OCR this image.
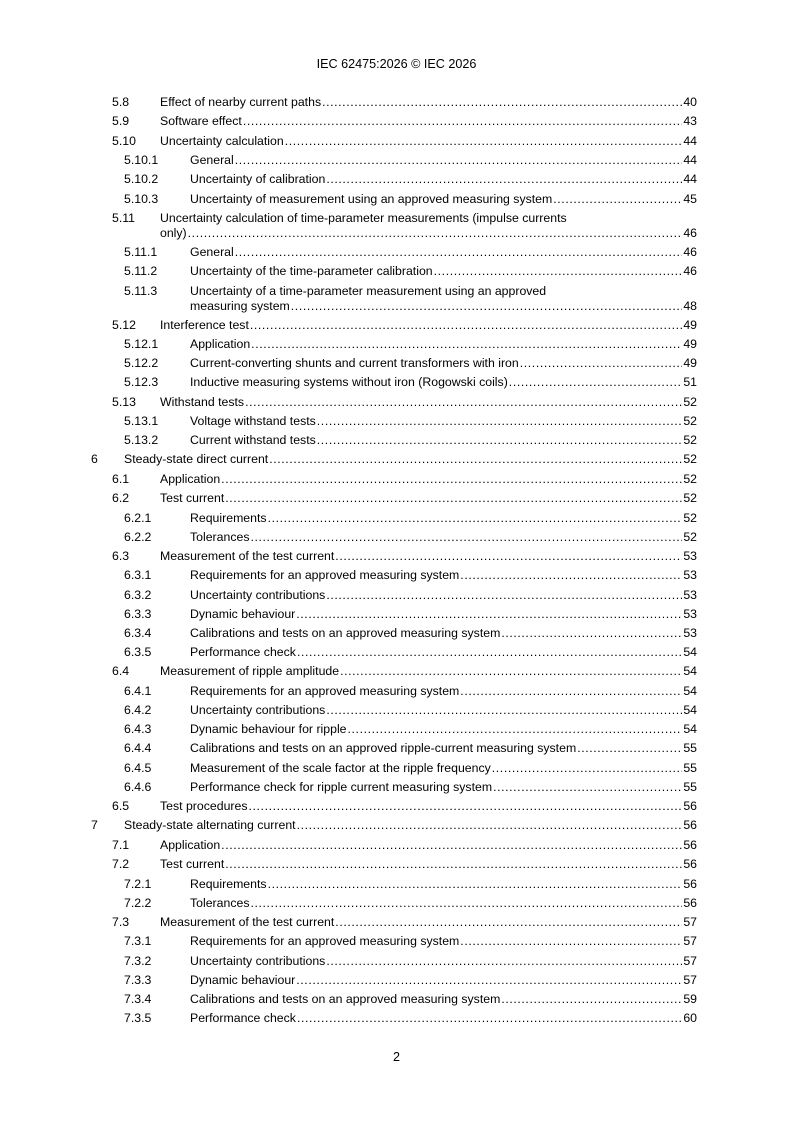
IEC 62475:2026 © IEC 2026
5.8	Effect of nearby current paths .....	40
5.9	Software effect .....	43
5.10 Uncertainty calculation .....	44
5.10.1	General .....	44
5.10.2	Uncertainty of calibration .....	44
5.10.3	Uncertainty of measurement using an approved measuring system .....	45
5.11 Uncertainty calculation of time-parameter measurements (impulse currents
only) .....	46
5.11.1	General .....	46
5.11.2	Uncertainty of the time-parameter calibration .....	46
5.11.3	Uncertainty of a time-parameter measurement using an approved
measuring system .....	48
5.12 Interference test .....	49
5.12.1	Application .....	49
5.12.2	Current-converting shunts and current transformers with iron .....	49
5.12.3	Inductive measuring systems without iron (Rogowski coils) .....	51
5.13 Withstand tests .....	52
5.13.1	Voltage withstand tests .....	52
5.13.2	Current withstand tests .....	52
6 Steady-state direct current .....	52
6.1	Application .....	52
6.2	Test current .....	52
6.2.1	Requirements .....	52
6.2.2	Tolerances .....	52
6.3	Measurement of the test current .....	53
6.3.1	Requirements for an approved measuring system .....	53
6.3.2	Uncertainty contributions .....	53
6.3.3	Dynamic behaviour .....	53
6.3.4	Calibrations and tests on an approved measuring system .....	53
6.3.5	Performance check .....	54
6.4	Measurement of ripple amplitude .....	54
6.4.1	Requirements for an approved measuring system .....	54
6.4.2	Uncertainty contributions .....	54
6.4.3	Dynamic behaviour for ripple .....	54
6.4.4	Calibrations and tests on an approved ripple-current measuring system .....	55
6.4.5	Measurement of the scale factor at the ripple frequency .....	55
6.4.6	Performance check for ripple current measuring system .....	55
6.5	Test procedures .....	56
7 Steady-state alternating current .....	56
7.1	Application .....	56
7.2	Test current .....	56
7.2.1	Requirements .....	56
7.2.2	Tolerances .....	56
7.3	Measurement of the test current .....	57
7.3.1	Requirements for an approved measuring system .....	57
7.3.2	Uncertainty contributions .....	57
7.3.3	Dynamic behaviour .....	57
7.3.4	Calibrations and tests on an approved measuring system .....	59
7.3.5	Performance check .....	60
2
